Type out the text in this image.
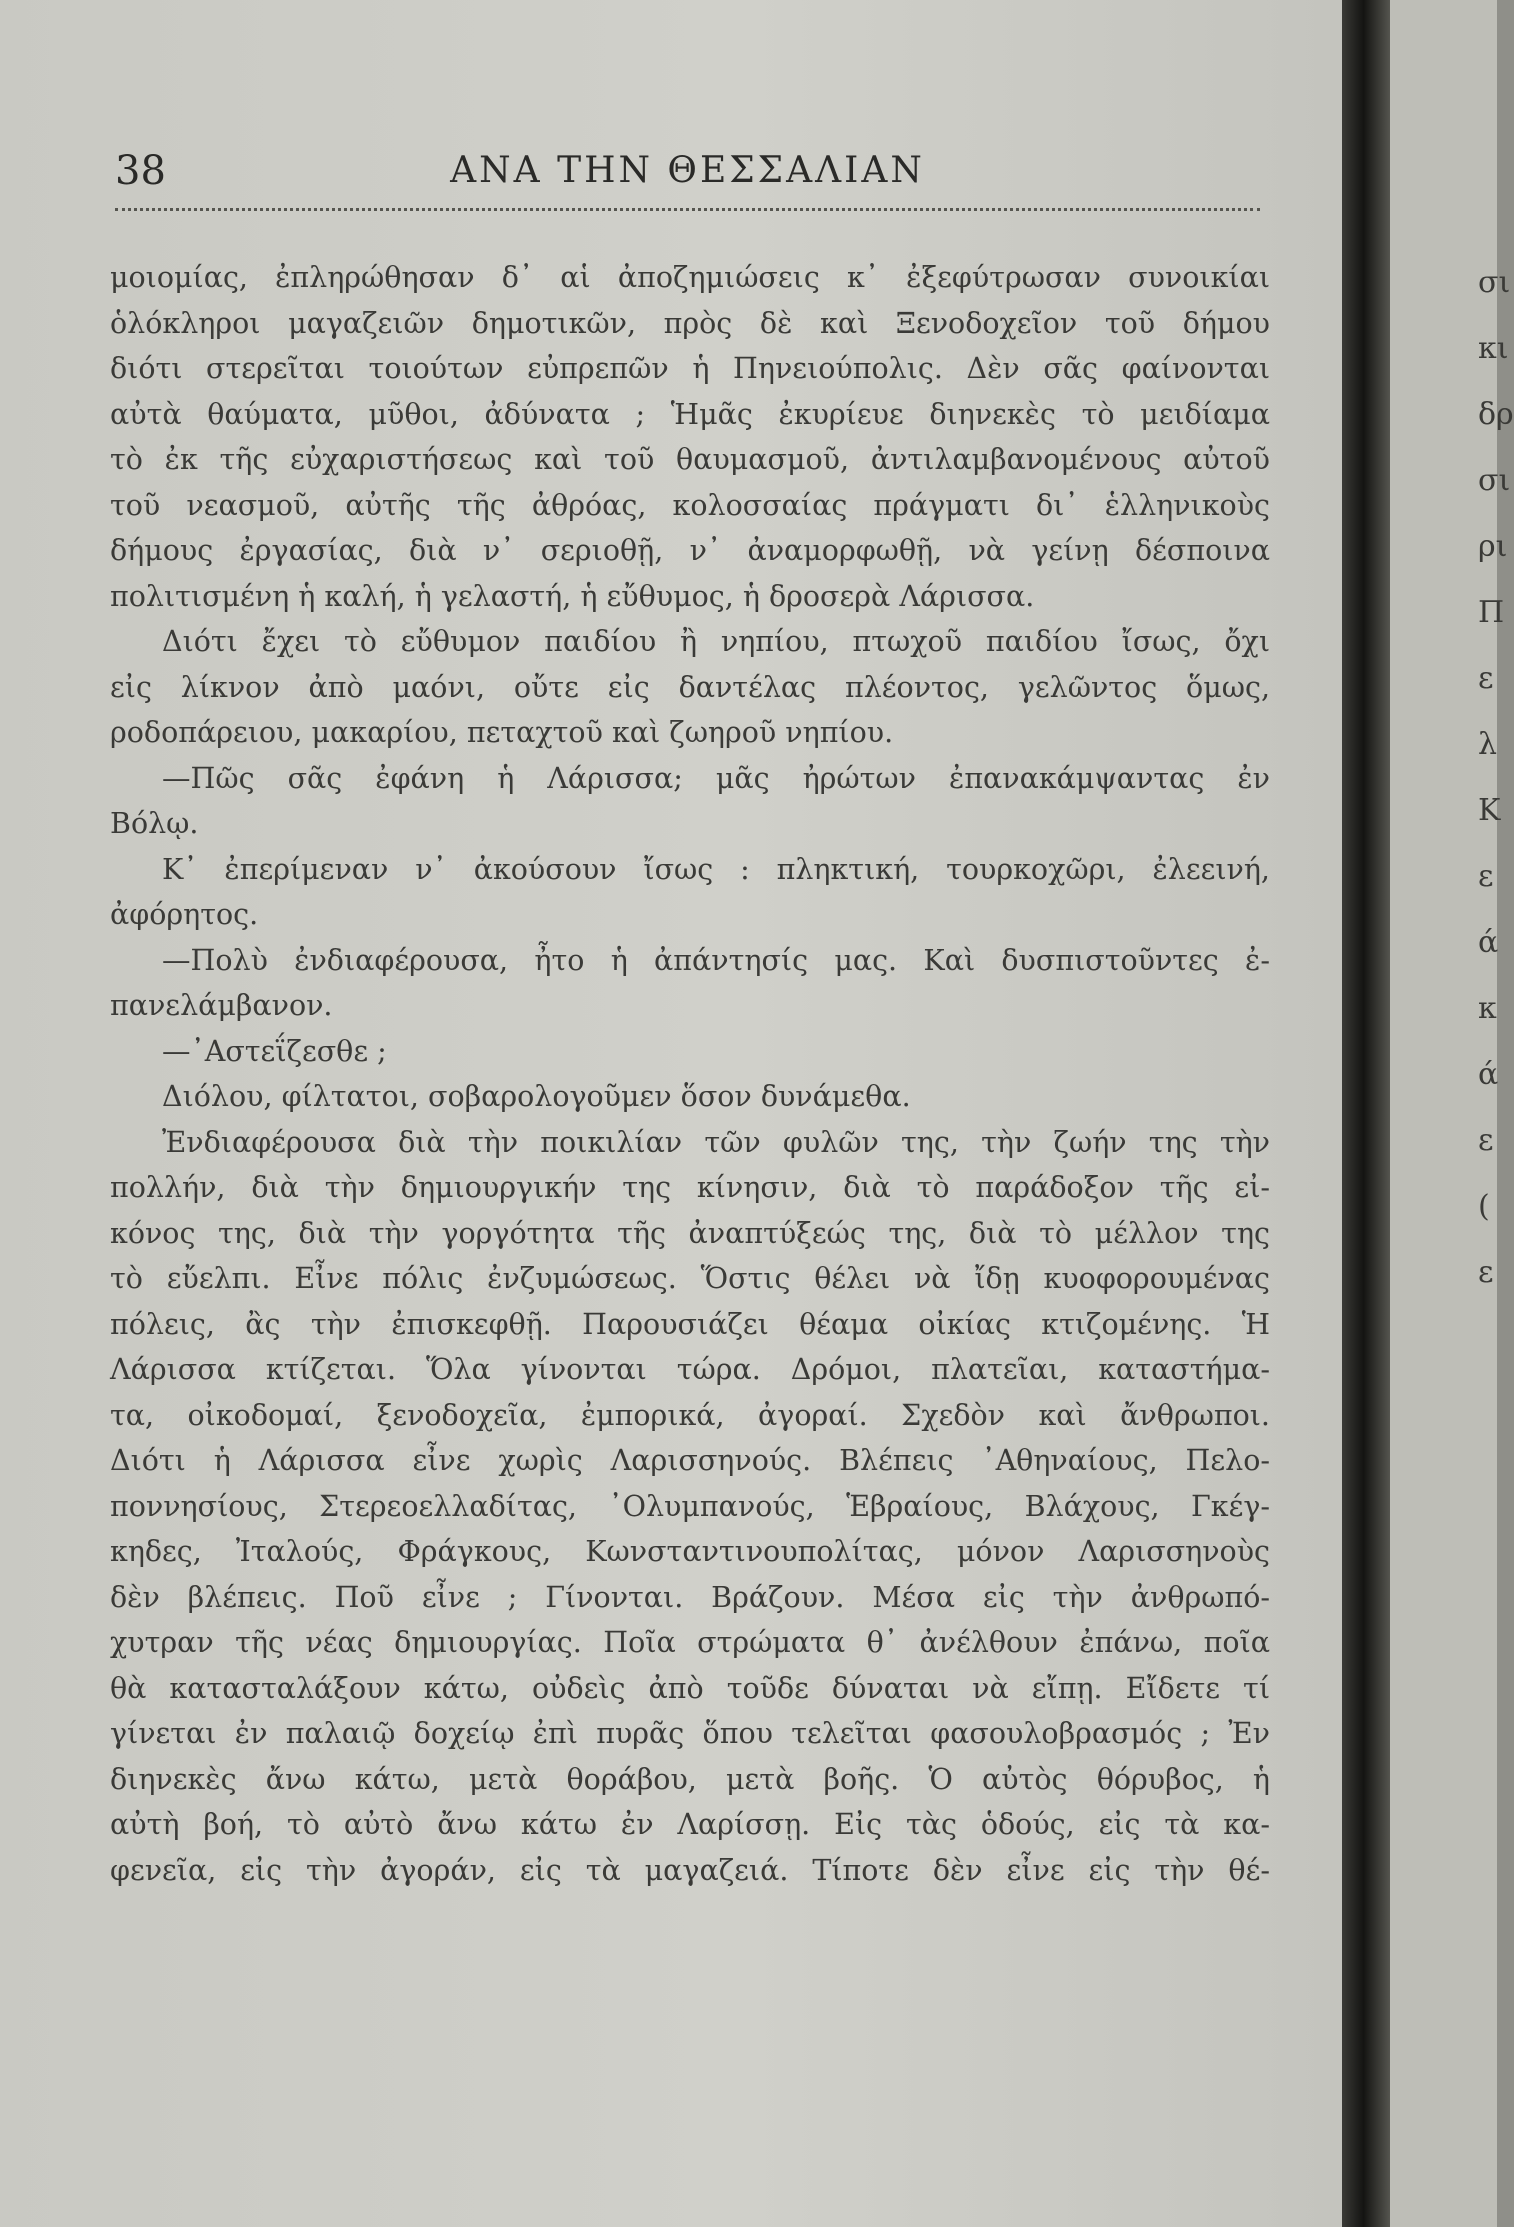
38	ΑΝΑ ΤΗΝ ΘΕΣΣΑΛΙΑΝ
μοιομίας, ἐπληρώθησαν δ᾽ αἱ ἀποζημιώσεις κ᾽ ἐξεφύτρωσαν συνοικίαι
ὁλόκληροι μαγαζειῶν δημοτικῶν, πρὸς δὲ καὶ Ξενοδοχεῖον τοῦ δήμου
διότι στερεῖται τοιούτων εὐπρεπῶν ἡ Πηνειούπολις. Δὲν σᾶς φαίνονται
αὐτὰ θαύματα, μῦθοι, ἀδύνατα ; Ἡμᾶς ἐκυρίευε διηνεκὲς τὸ μειδίαμα
τὸ ἐκ τῆς εὐχαριστήσεως καὶ τοῦ θαυμασμοῦ, ἀντιλαμβανομένους αὐτοῦ
τοῦ νεασμοῦ, αὐτῆς τῆς ἀθρόας, κολοσσαίας πράγματι δι᾽ ἑλληνικοὺς
δήμους ἐργασίας, διὰ ν᾽ σεριοθῇ, ν᾽ ἀναμορφωθῇ, νὰ γείνῃ δέσποινα
πολιτισμένη ἡ καλή, ἡ γελαστή, ἡ εὔθυμος, ἡ δροσερὰ Λάρισσα.
Διότι ἔχει τὸ εὔθυμον παιδίου ἢ νηπίου, πτωχοῦ παιδίου ἴσως, ὄχι
εἰς λίκνον ἀπὸ μαόνι, οὔτε εἰς δαντέλας πλέοντος, γελῶντος ὅμως,
ροδοπάρειου, μακαρίου, πεταχτοῦ καὶ ζωηροῦ νηπίου.
—Πῶς σᾶς ἐφάνη ἡ Λάρισσα; μᾶς ἠρώτων ἐπανακάμψαντας ἐν
Βόλῳ.
Κ᾽ ἐπερίμεναν ν᾽ ἀκούσουν ἴσως : πληκτική, τουρκοχῶρι, ἐλεεινή,
ἀφόρητος.
—Πολὺ ἐνδιαφέρουσα, ἦτο ἡ ἀπάντησίς μας. Καὶ δυσπιστοῦντες ἐ-
πανελάμβανον.
—᾽Αστεΐζεσθε ;
Διόλου, φίλτατοι, σοβαρολογοῦμεν ὅσον δυνάμεθα.
Ἐνδιαφέρουσα διὰ τὴν ποικιλίαν τῶν φυλῶν της, τὴν ζωήν της τὴν
πολλήν, διὰ τὴν δημιουργικήν της κίνησιν, διὰ τὸ παράδοξον τῆς εἰ-
κόνος της, διὰ τὴν γοργότητα τῆς ἀναπτύξεώς της, διὰ τὸ μέλλον της
τὸ εὔελπι. Εἶνε πόλις ἐνζυμώσεως. Ὅστις θέλει νὰ ἴδῃ κυοφορουμένας
πόλεις, ἂς τὴν ἐπισκεφθῇ. Παρουσιάζει θέαμα οἰκίας κτιζομένης. Ἡ
Λάρισσα κτίζεται. Ὅλα γίνονται τώρα. Δρόμοι, πλατεῖαι, καταστήμα-
τα, οἰκοδομαί, ξενοδοχεῖα, ἐμπορικά, ἀγοραί. Σχεδὸν καὶ ἄνθρωποι.
Διότι ἡ Λάρισσα εἶνε χωρὶς Λαρισσηνούς. Βλέπεις ᾽Αθηναίους, Πελο-
ποννησίους, Στερεοελλαδίτας, ᾽Ολυμπανούς, Ἑβραίους, Βλάχους, Γκέγ-
κηδες, Ἰταλούς, Φράγκους, Κωνσταντινουπολίτας, μόνον Λαρισσηνοὺς
δὲν βλέπεις. Ποῦ εἶνε ; Γίνονται. Βράζουν. Μέσα εἰς τὴν ἀνθρωπό-
χυτραν τῆς νέας δημιουργίας. Ποῖα στρώματα θ᾽ ἀνέλθουν ἐπάνω, ποῖα
θὰ κατασταλάξουν κάτω, οὐδεὶς ἀπὸ τοῦδε δύναται νὰ εἴπῃ. Εἴδετε τί
γίνεται ἐν παλαιῷ δοχείῳ ἐπὶ πυρᾶς ὅπου τελεῖται φασουλοβρασμός ; Ἐν
διηνεκὲς ἄνω κάτω, μετὰ θοράβου, μετὰ βοῆς. Ὁ αὐτὸς θόρυβος, ἡ
αὐτὴ βοή, τὸ αὐτὸ ἄνω κάτω ἐν Λαρίσσῃ. Εἰς τὰς ὁδούς, εἰς τὰ κα-
φενεῖα, εἰς τὴν ἀγοράν, εἰς τὰ μαγαζειά. Τίποτε δὲν εἶνε εἰς τὴν θέ-
σι
κι
δρ
σι
ρι
Π
ε
λ
Κ
ε
ά
κ
ά
ε
(
ε
